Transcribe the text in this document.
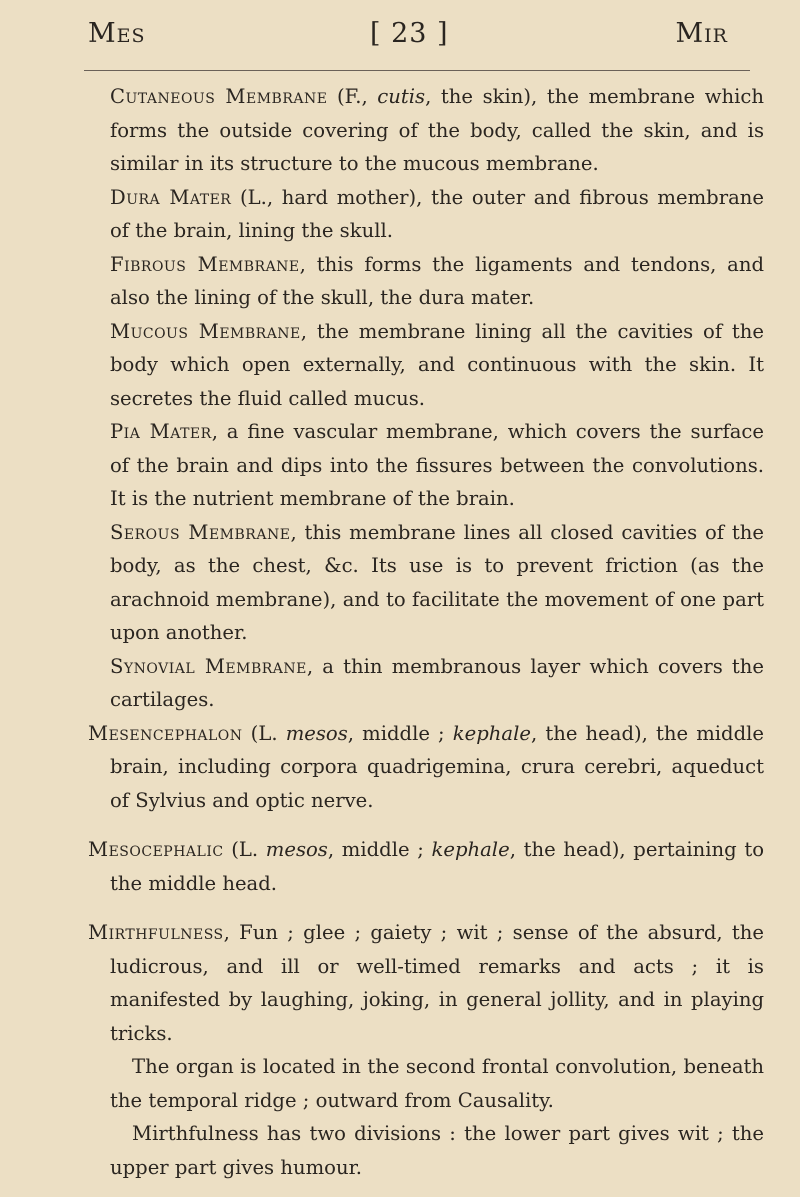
Mes	[ 23 ]	Mir

Cutaneous Membrane (F., cutis, the skin), the membrane which forms the outside covering of the body, called the skin, and is similar in its structure to the mucous membrane.

Dura Mater (L., hard mother), the outer and fibrous membrane of the brain, lining the skull.

Fibrous Membrane, this forms the ligaments and tendons, and also the lining of the skull, the dura mater.

Mucous Membrane, the membrane lining all the cavities of the body which open externally, and continuous with the skin. It secretes the fluid called mucus.

Pia Mater, a fine vascular membrane, which covers the surface of the brain and dips into the fissures between the convolutions. It is the nutrient membrane of the brain.

Serous Membrane, this membrane lines all closed cavities of the body, as the chest, &c. Its use is to prevent friction (as the arachnoid membrane), and to facilitate the movement of one part upon another.

Synovial Membrane, a thin membranous layer which covers the cartilages.

Mesencephalon (L. mesos, middle ; kephale, the head), the middle brain, including corpora quadrigemina, crura cerebri, aqueduct of Sylvius and optic nerve.

Mesocephalic (L. mesos, middle ; kephale, the head), pertaining to the middle head.

Mirthfulness, Fun ; glee ; gaiety ; wit ; sense of the absurd, the ludicrous, and ill or well-timed remarks and acts ; it is manifested by laughing, joking, in general jollity, and in playing tricks.

The organ is located in the second frontal convolution, beneath the temporal ridge ; outward from Causality.

Mirthfulness has two divisions : the lower part gives wit ; the upper part gives humour.
